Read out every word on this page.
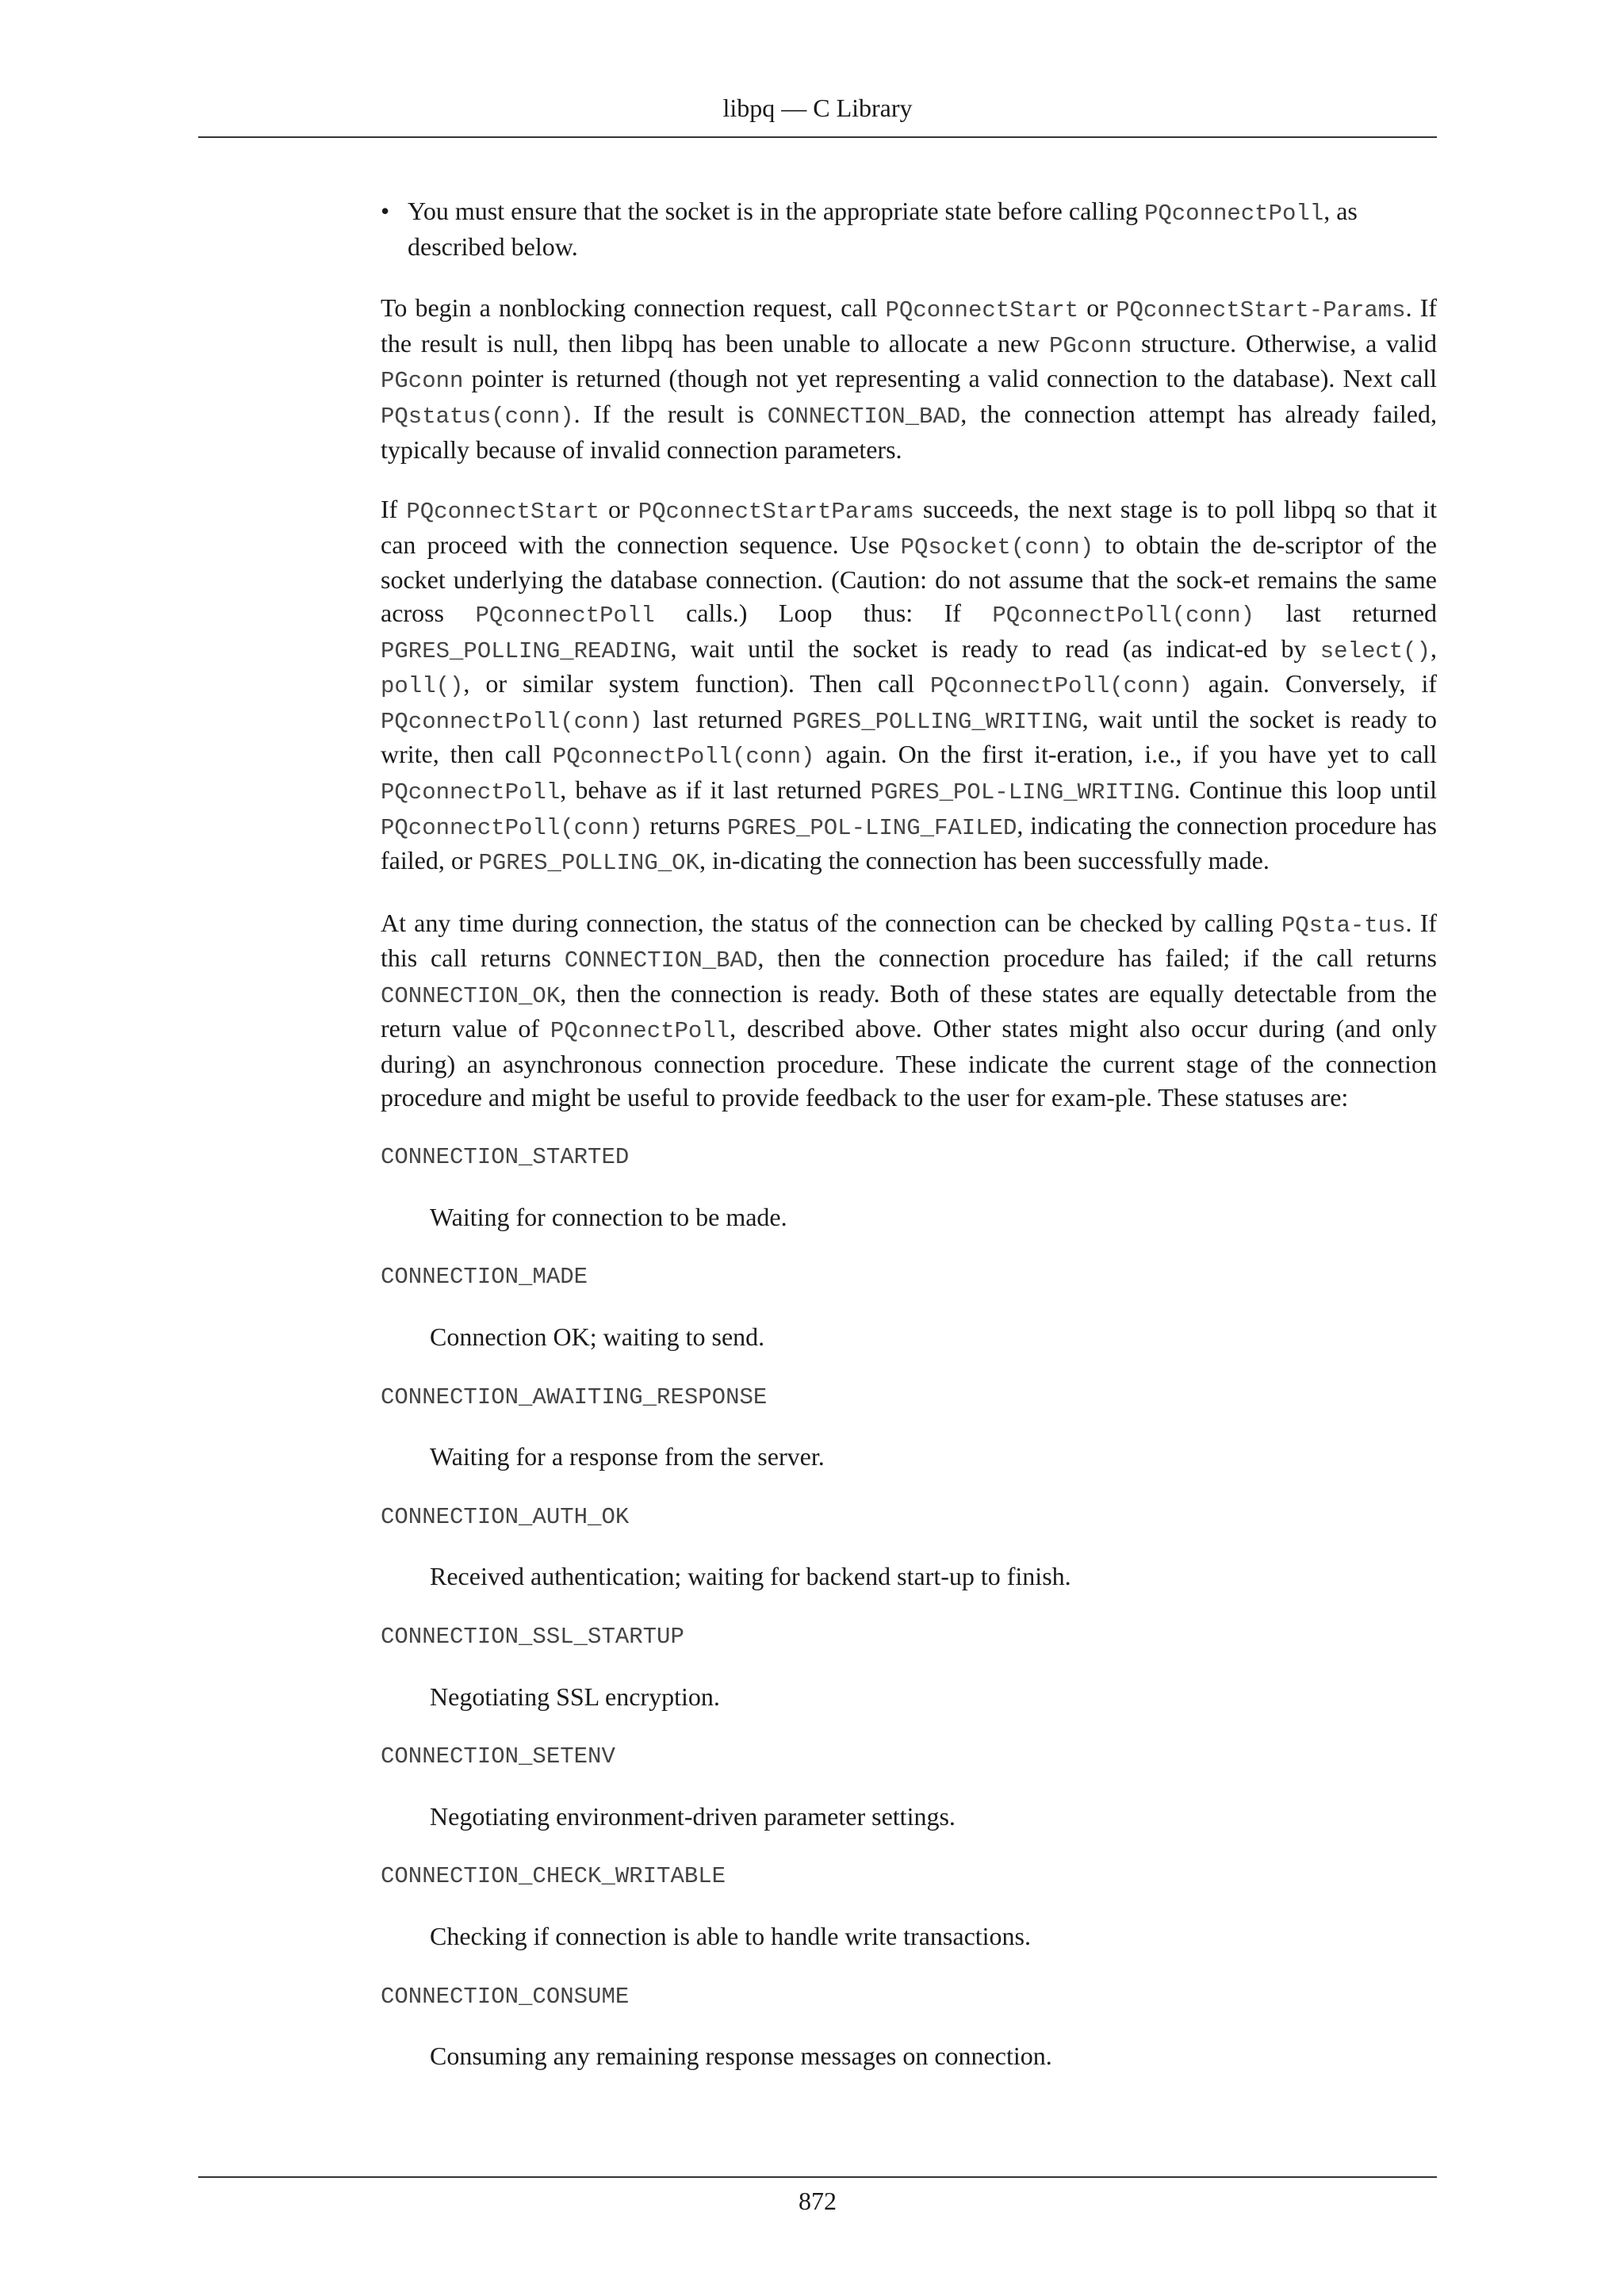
libpq — C Library
• You must ensure that the socket is in the appropriate state before calling PQconnectPoll, as described below.

To begin a nonblocking connection request, call PQconnectStart or PQconnectStart-Params. If the result is null, then libpq has been unable to allocate a new PGconn structure. Otherwise, a valid PGconn pointer is returned (though not yet representing a valid connection to the database). Next call PQstatus(conn). If the result is CONNECTION_BAD, the connection attempt has already failed, typically because of invalid connection parameters.

If PQconnectStart or PQconnectStartParams succeeds, the next stage is to poll libpq so that it can proceed with the connection sequence. Use PQsocket(conn) to obtain the de-scriptor of the socket underlying the database connection. (Caution: do not assume that the sock-et remains the same across PQconnectPoll calls.) Loop thus: If PQconnectPoll(conn) last returned PGRES_POLLING_READING, wait until the socket is ready to read (as indicat-ed by select(), poll(), or similar system function). Then call PQconnectPoll(conn) again. Conversely, if PQconnectPoll(conn) last returned PGRES_POLLING_WRITING, wait until the socket is ready to write, then call PQconnectPoll(conn) again. On the first it-eration, i.e., if you have yet to call PQconnectPoll, behave as if it last returned PGRES_POL-LING_WRITING. Continue this loop until PQconnectPoll(conn) returns PGRES_POL-LING_FAILED, indicating the connection procedure has failed, or PGRES_POLLING_OK, in-dicating the connection has been successfully made.

At any time during connection, the status of the connection can be checked by calling PQsta-tus. If this call returns CONNECTION_BAD, then the connection procedure has failed; if the call returns CONNECTION_OK, then the connection is ready. Both of these states are equally detectable from the return value of PQconnectPoll, described above. Other states might also occur during (and only during) an asynchronous connection procedure. These indicate the current stage of the connection procedure and might be useful to provide feedback to the user for exam-ple. These statuses are:

CONNECTION_STARTED
Waiting for connection to be made.
CONNECTION_MADE
Connection OK; waiting to send.
CONNECTION_AWAITING_RESPONSE
Waiting for a response from the server.
CONNECTION_AUTH_OK
Received authentication; waiting for backend start-up to finish.
CONNECTION_SSL_STARTUP
Negotiating SSL encryption.
CONNECTION_SETENV
Negotiating environment-driven parameter settings.
CONNECTION_CHECK_WRITABLE
Checking if connection is able to handle write transactions.
CONNECTION_CONSUME
Consuming any remaining response messages on connection.
872
